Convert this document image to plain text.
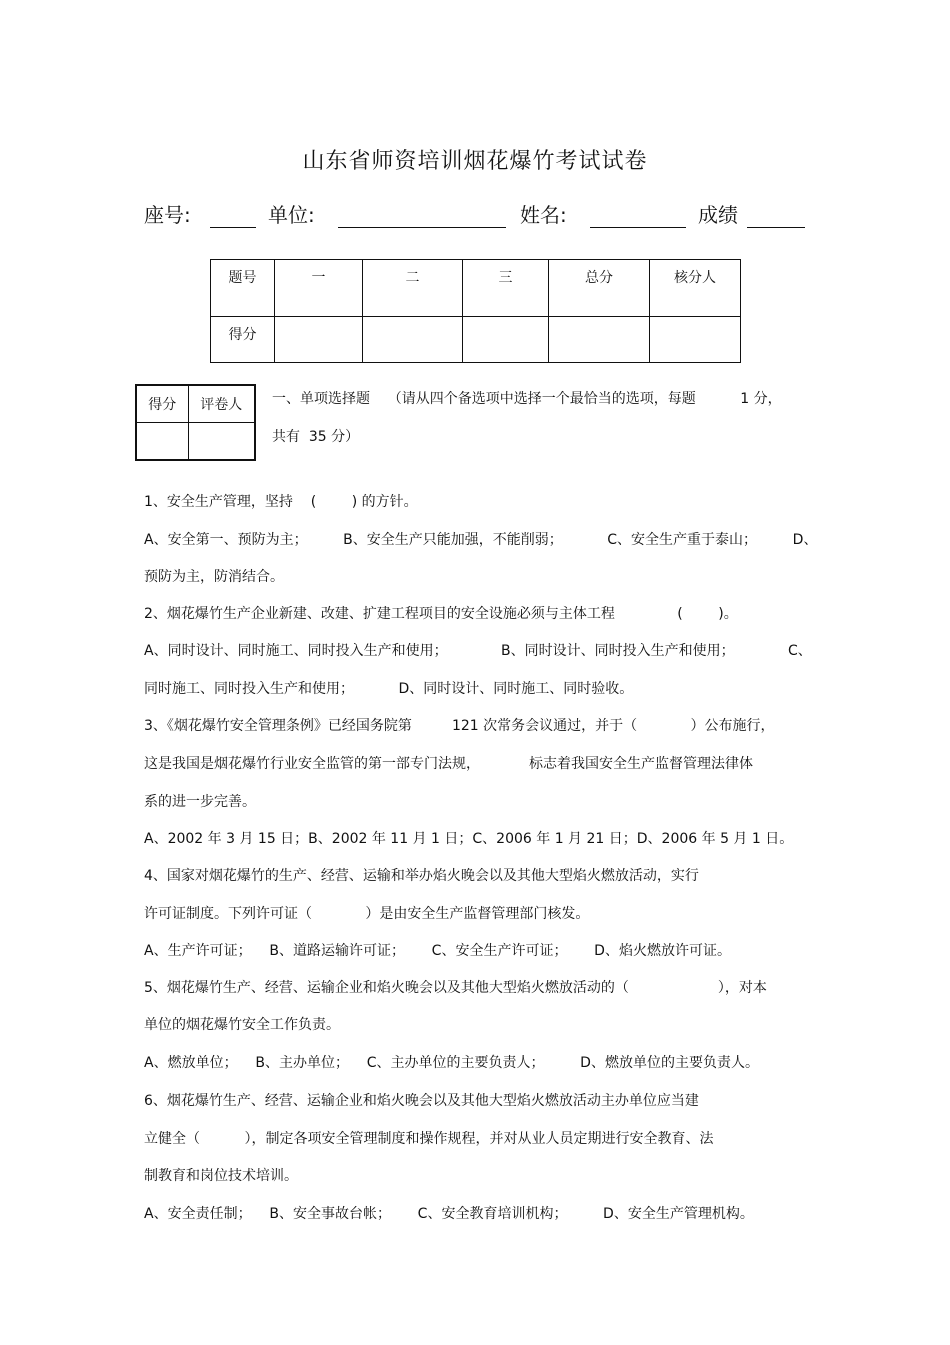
山东省师资培训烟花爆竹考试试卷
座号:	单位:	姓名:	成绩
题号	一	二	三	总分	核分人
得分					
得分	评卷人
	一、单项选择题    （请从四个备选项中选择一个最恰当的选项，每题          1 分，
共有  35 分）
1、安全生产管理，坚持    (        ) 的方针。
A、安全第一、预防为主；        B、安全生产只能加强，不能削弱；          C、安全生产重于泰山；        D、
预防为主，防消结合。
2、烟花爆竹生产企业新建、改建、扩建工程项目的安全设施必须与主体工程              (        )。
A、同时设计、同时施工、同时投入生产和使用；            B、同时设计、同时投入生产和使用；            C、
同时施工、同时投入生产和使用；          D、同时设计、同时施工、同时验收。
3、《烟花爆竹安全管理条例》已经国务院第         121 次常务会议通过，并于（            ）公布施行，
这是我国是烟花爆竹行业安全监管的第一部专门法规，           标志着我国安全生产监督管理法律体
系的进一步完善。
A、2002 年 3 月 15 日；B、2002 年 11 月 1 日；C、2006 年 1 月 21 日；D、2006 年 5 月 1 日。
4、国家对烟花爆竹的生产、经营、运输和举办焰火晚会以及其他大型焰火燃放活动，实行
许可证制度。下列许可证（            ）是由安全生产监督管理部门核发。
A、生产许可证；    B、道路运输许可证；      C、安全生产许可证；      D、焰火燃放许可证。
5、烟花爆竹生产、经营、运输企业和焰火晚会以及其他大型焰火燃放活动的（                    ），对本
单位的烟花爆竹安全工作负责。
A、燃放单位；    B、主办单位；    C、主办单位的主要负责人；        D、燃放单位的主要负责人。
6、烟花爆竹生产、经营、运输企业和焰火晚会以及其他大型焰火燃放活动主办单位应当建
立健全（          ），制定各项安全管理制度和操作规程，并对从业人员定期进行安全教育、法
制教育和岗位技术培训。
A、安全责任制；    B、安全事故台帐；      C、安全教育培训机构；        D、安全生产管理机构。
